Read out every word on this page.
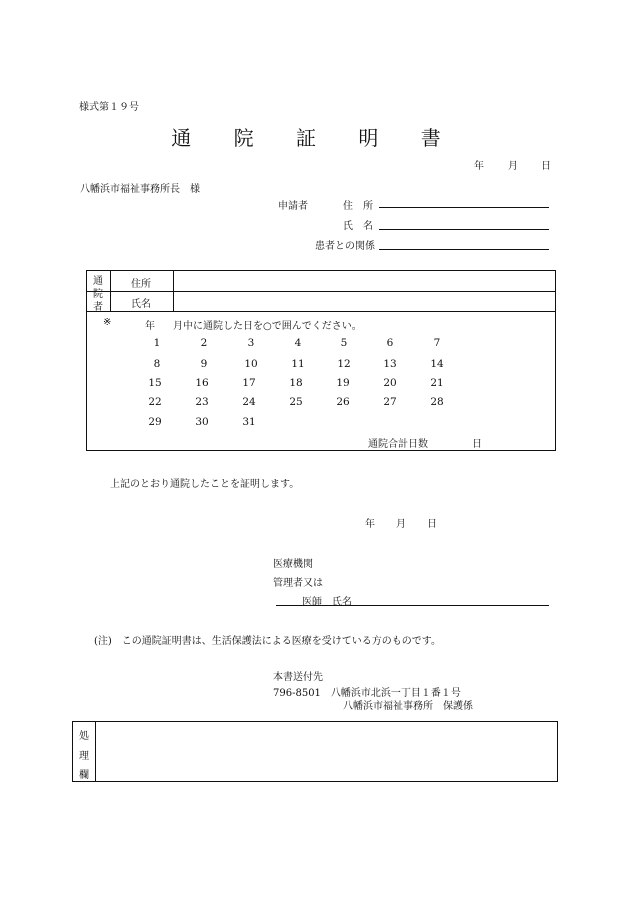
様式第１９号
通 院 証 明 書
年 月 日
八幡浜市福祉事務所長　様
申請者	住　所
氏　名
患者との関係
通
院
者
住所
氏名
※	年 月中に通院した日を○で囲んでください。
1	2	3	4	5	6	7
8	9	10	11	12	13	14
15	16	17	18	19	20	21
22	23	24	25	26	27	28
29	30	31
通院合計日数	日
上記のとおり通院したことを証明します。
年 月 日
医療機関
管理者又は
医師　氏名
(注)　この通院証明書は、生活保護法による医療を受けている方のものです。
本書送付先
796-8501　八幡浜市北浜一丁目１番１号
八幡浜市福祉事務所　保護係
処
理
欄
